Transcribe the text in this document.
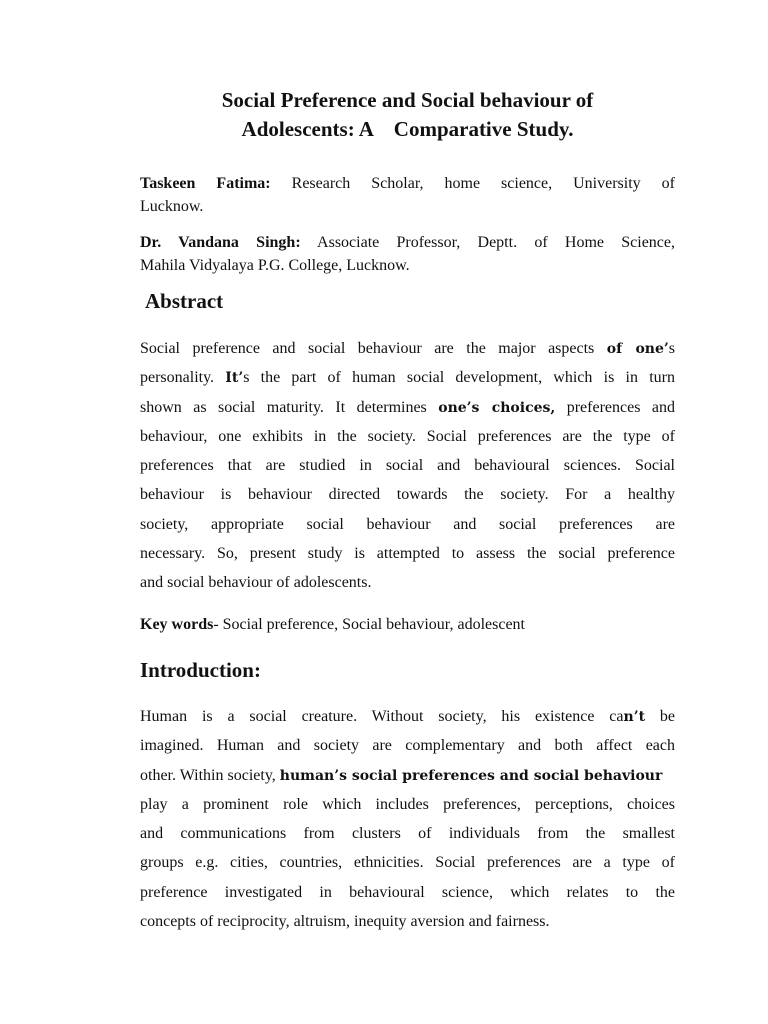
Social Preference and Social behaviour of
Adolescents: A    Comparative Study.
Taskeen Fatima: Research Scholar, home science, University of
Lucknow.
Dr. Vandana Singh: Associate Professor, Deptt. of Home Science,
Mahila Vidyalaya P.G. College, Lucknow.
Abstract
Social preference and social behaviour are the major aspects of one’s
personality. It’s the part of human social development, which is in turn
shown as social maturity. It determines one’s choices, preferences and
behaviour, one exhibits in the society. Social preferences are the type of
preferences that are studied in social and behavioural sciences. Social
behaviour is behaviour directed towards the society. For a healthy
society, appropriate social behaviour and social preferences are
necessary. So, present study is attempted to assess the social preference
and social behaviour of adolescents.
Key words- Social preference, Social behaviour, adolescent
Introduction:
Human is a social creature. Without society, his existence can’t be
imagined. Human and society are complementary and both affect each
other. Within society, human’s social preferences and social behaviour
play a prominent role which includes preferences, perceptions, choices
and communications from clusters of individuals from the smallest
groups e.g. cities, countries, ethnicities. Social preferences are a type of
preference investigated in behavioural science, which relates to the
concepts of reciprocity, altruism, inequity aversion and fairness.
